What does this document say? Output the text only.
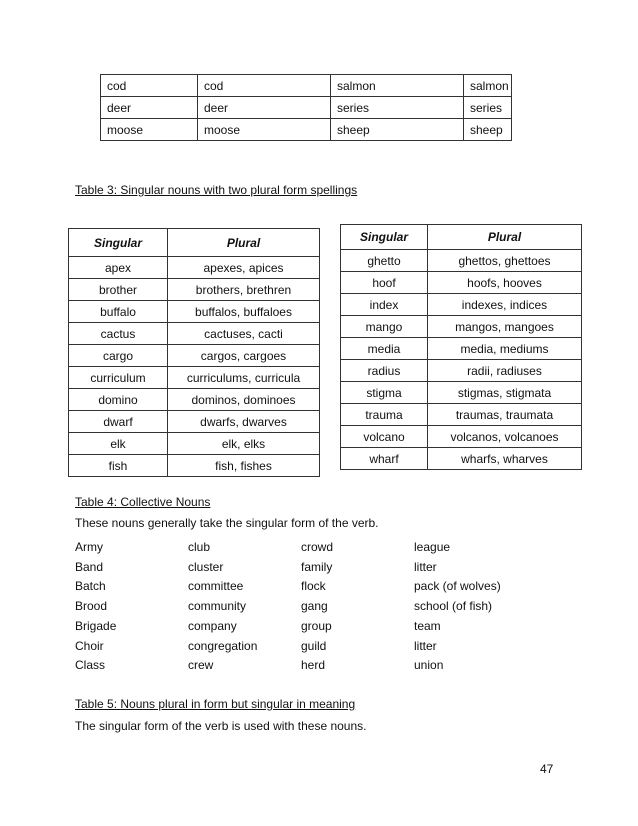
cod	cod	salmon	salmon
deer	deer	series	series
moose	moose	sheep	sheep
Table 3: Singular nouns with two plural form spellings
Singular	Plural
apex	apexes, apices
brother	brothers, brethren
buffalo	buffalos, buffaloes
cactus	cactuses, cacti
cargo	cargos, cargoes
curriculum	curriculums, curricula
domino	dominos, dominoes
dwarf	dwarfs, dwarves
elk	elk, elks
fish	fish, fishes
Singular	Plural
ghetto	ghettos, ghettoes
hoof	hoofs, hooves
index	indexes, indices
mango	mangos, mangoes
media	media, mediums
radius	radii, radiuses
stigma	stigmas, stigmata
trauma	traumas, traumata
volcano	volcanos, volcanoes
wharf	wharfs, wharves
Table 4: Collective Nouns
These nouns generally take the singular form of the verb.
Army	club	crowd	league
Band	cluster	family	litter
Batch	committee	flock	pack (of wolves)
Brood	community	gang	school (of fish)
Brigade	company	group	team
Choir	congregation	guild	litter
Class	crew	herd	union
Table 5: Nouns plural in form but singular in meaning
The singular form of the verb is used with these nouns.
47
